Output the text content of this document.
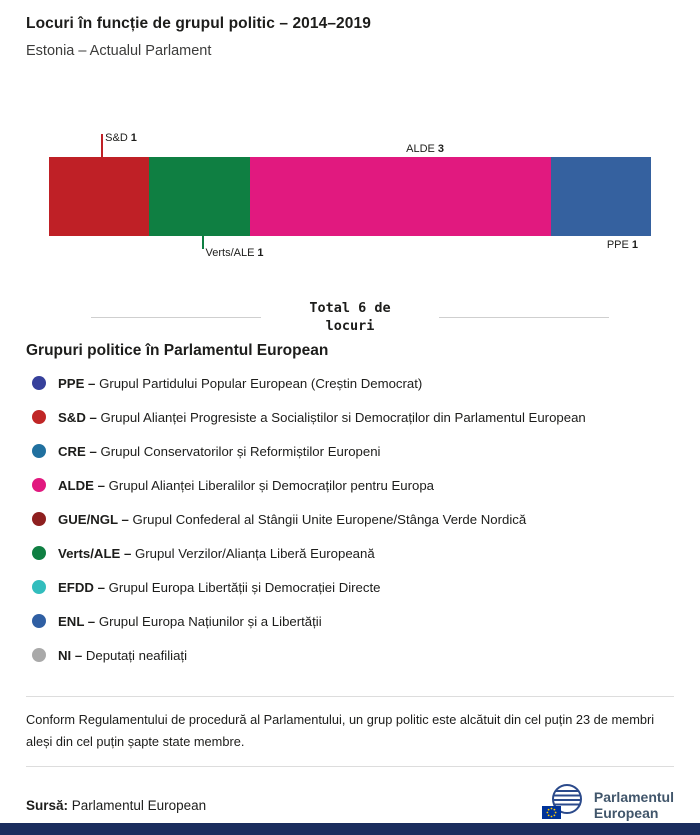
Locuri în funcție de grupul politic – 2014–2019
Estonia – Actualul Parlament
S&D 1
Verts/ALE 1
ALDE 3
PPE 1
Total 6 de
locuri
Grupuri politice în Parlamentul European
PPE – Grupul Partidului Popular European (Creștin Democrat)
S&D – Grupul Alianței Progresiste a Socialiștilor si Democraților din Parlamentul European
CRE – Grupul Conservatorilor și Reformiștilor Europeni
ALDE – Grupul Alianței Liberalilor și Democraților pentru Europa
GUE/NGL – Grupul Confederal al Stângii Unite Europene/Stânga Verde Nordică
Verts/ALE – Grupul Verzilor/Alianța Liberă Europeană
EFDD – Grupul Europa Libertății și Democrației Directe
ENL – Grupul Europa Națiunilor și a Libertății
NI – Deputați neafiliați
Conform Regulamentului de procedură al Parlamentului, un grup politic este alcătuit din cel puțin 23 de membri aleși din cel puțin șapte state membre.
Sursă: Parlamentul European
Parlamentul
European
